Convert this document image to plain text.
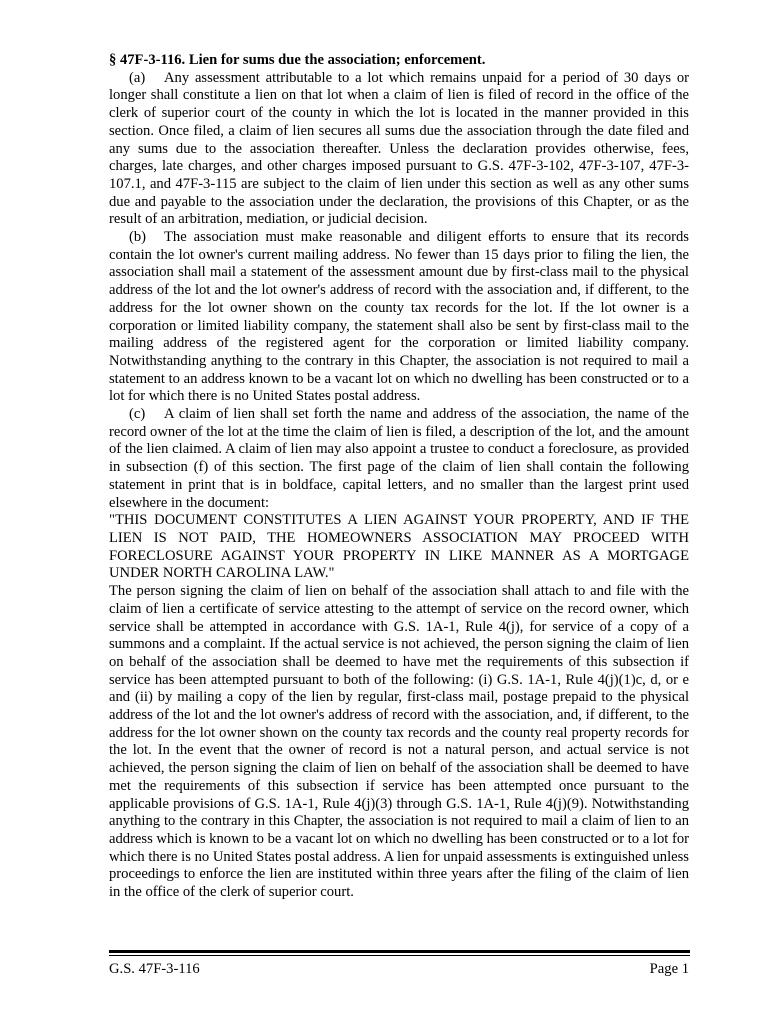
§ 47F-3-116. Lien for sums due the association; enforcement.

(a) Any assessment attributable to a lot which remains unpaid for a period of 30 days or longer shall constitute a lien on that lot when a claim of lien is filed of record in the office of the clerk of superior court of the county in which the lot is located in the manner provided in this section. Once filed, a claim of lien secures all sums due the association through the date filed and any sums due to the association thereafter. Unless the declaration provides otherwise, fees, charges, late charges, and other charges imposed pursuant to G.S. 47F-3-102, 47F-3-107, 47F-3-107.1, and 47F-3-115 are subject to the claim of lien under this section as well as any other sums due and payable to the association under the declaration, the provisions of this Chapter, or as the result of an arbitration, mediation, or judicial decision.

(b) The association must make reasonable and diligent efforts to ensure that its records contain the lot owner's current mailing address. No fewer than 15 days prior to filing the lien, the association shall mail a statement of the assessment amount due by first-class mail to the physical address of the lot and the lot owner's address of record with the association and, if different, to the address for the lot owner shown on the county tax records for the lot. If the lot owner is a corporation or limited liability company, the statement shall also be sent by first-class mail to the mailing address of the registered agent for the corporation or limited liability company. Notwithstanding anything to the contrary in this Chapter, the association is not required to mail a statement to an address known to be a vacant lot on which no dwelling has been constructed or to a lot for which there is no United States postal address.

(c) A claim of lien shall set forth the name and address of the association, the name of the record owner of the lot at the time the claim of lien is filed, a description of the lot, and the amount of the lien claimed. A claim of lien may also appoint a trustee to conduct a foreclosure, as provided in subsection (f) of this section. The first page of the claim of lien shall contain the following statement in print that is in boldface, capital letters, and no smaller than the largest print used elsewhere in the document:

"THIS DOCUMENT CONSTITUTES A LIEN AGAINST YOUR PROPERTY, AND IF THE LIEN IS NOT PAID, THE HOMEOWNERS ASSOCIATION MAY PROCEED WITH FORECLOSURE AGAINST YOUR PROPERTY IN LIKE MANNER AS A MORTGAGE UNDER NORTH CAROLINA LAW."

The person signing the claim of lien on behalf of the association shall attach to and file with the claim of lien a certificate of service attesting to the attempt of service on the record owner, which service shall be attempted in accordance with G.S. 1A-1, Rule 4(j), for service of a copy of a summons and a complaint. If the actual service is not achieved, the person signing the claim of lien on behalf of the association shall be deemed to have met the requirements of this subsection if service has been attempted pursuant to both of the following: (i) G.S. 1A-1, Rule 4(j)(1)c, d, or e and (ii) by mailing a copy of the lien by regular, first-class mail, postage prepaid to the physical address of the lot and the lot owner's address of record with the association, and, if different, to the address for the lot owner shown on the county tax records and the county real property records for the lot. In the event that the owner of record is not a natural person, and actual service is not achieved, the person signing the claim of lien on behalf of the association shall be deemed to have met the requirements of this subsection if service has been attempted once pursuant to the applicable provisions of G.S. 1A-1, Rule 4(j)(3) through G.S. 1A-1, Rule 4(j)(9). Notwithstanding anything to the contrary in this Chapter, the association is not required to mail a claim of lien to an address which is known to be a vacant lot on which no dwelling has been constructed or to a lot for which there is no United States postal address. A lien for unpaid assessments is extinguished unless proceedings to enforce the lien are instituted within three years after the filing of the claim of lien in the office of the clerk of superior court.

G.S. 47F-3-116	Page 1
